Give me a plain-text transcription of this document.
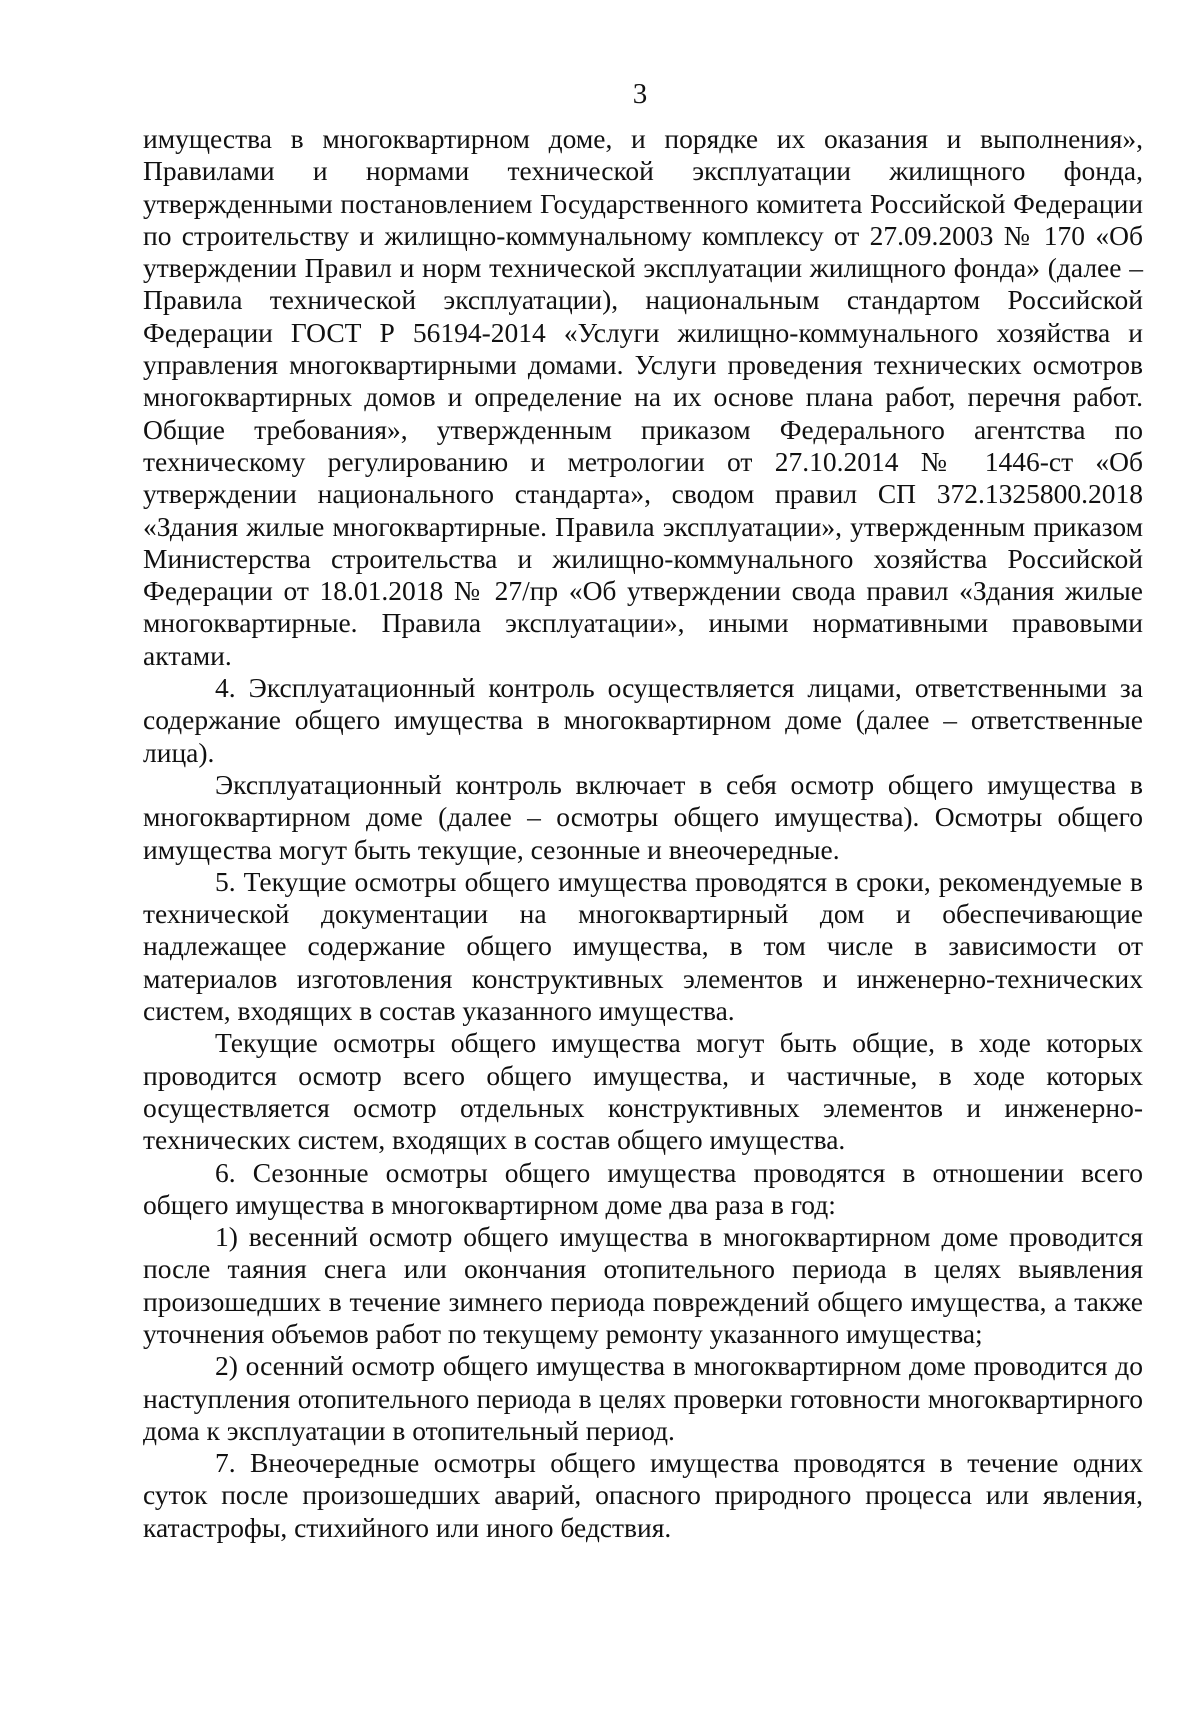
3

имущества в многоквартирном доме, и порядке их оказания и выполнения», Правилами и нормами технической эксплуатации жилищного фонда, утвержденными постановлением Государственного комитета Российской Федерации по строительству и жилищно-коммунальному комплексу от 27.09.2003 № 170 «Об утверждении Правил и норм технической эксплуатации жилищного фонда» (далее – Правила технической эксплуатации), национальным стандартом Российской Федерации ГОСТ Р 56194-2014 «Услуги жилищно-коммунального хозяйства и управления многоквартирными домами. Услуги проведения технических осмотров многоквартирных домов и определение на их основе плана работ, перечня работ. Общие требования», утвержденным приказом Федерального агентства по техническому регулированию и метрологии от 27.10.2014 № 1446-ст «Об утверждении национального стандарта», сводом правил СП 372.1325800.2018 «Здания жилые многоквартирные. Правила эксплуатации», утвержденным приказом Министерства строительства и жилищно-коммунального хозяйства Российской Федерации от 18.01.2018 № 27/пр «Об утверждении свода правил «Здания жилые многоквартирные. Правила эксплуатации», иными нормативными правовыми актами.

4. Эксплуатационный контроль осуществляется лицами, ответственными за содержание общего имущества в многоквартирном доме (далее – ответственные лица).

Эксплуатационный контроль включает в себя осмотр общего имущества в многоквартирном доме (далее – осмотры общего имущества). Осмотры общего имущества могут быть текущие, сезонные и внеочередные.

5. Текущие осмотры общего имущества проводятся в сроки, рекомендуемые в технической документации на многоквартирный дом и обеспечивающие надлежащее содержание общего имущества, в том числе в зависимости от материалов изготовления конструктивных элементов и инженерно-технических систем, входящих в состав указанного имущества.

Текущие осмотры общего имущества могут быть общие, в ходе которых проводится осмотр всего общего имущества, и частичные, в ходе которых осуществляется осмотр отдельных конструктивных элементов и инженерно-технических систем, входящих в состав общего имущества.

6. Сезонные осмотры общего имущества проводятся в отношении всего общего имущества в многоквартирном доме два раза в год:

1) весенний осмотр общего имущества в многоквартирном доме проводится после таяния снега или окончания отопительного периода в целях выявления произошедших в течение зимнего периода повреждений общего имущества, а также уточнения объемов работ по текущему ремонту указанного имущества;

2) осенний осмотр общего имущества в многоквартирном доме проводится до наступления отопительного периода в целях проверки готовности многоквартирного дома к эксплуатации в отопительный период.

7. Внеочередные осмотры общего имущества проводятся в течение одних суток после произошедших аварий, опасного природного процесса или явления, катастрофы, стихийного или иного бедствия.
